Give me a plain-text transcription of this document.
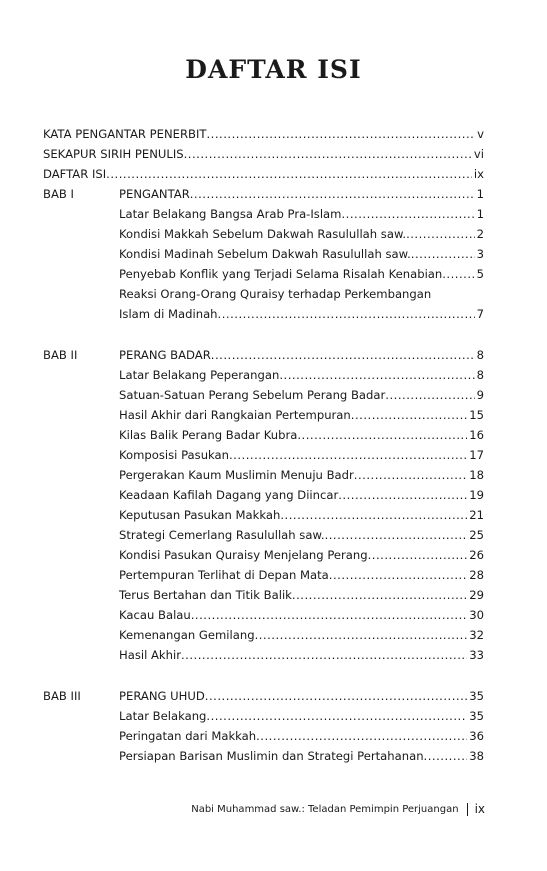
DAFTAR ISI
KATA PENGANTAR PENERBIT .....	v
SEKAPUR SIRIH PENULIS .....	vi
DAFTAR ISI .....	ix
BAB I	PENGANTAR .....	1
Latar Belakang Bangsa Arab Pra-Islam .....	1
Kondisi Makkah Sebelum Dakwah Rasulullah saw. .....	2
Kondisi Madinah Sebelum Dakwah Rasulullah saw. .....	3
Penyebab Konflik yang Terjadi Selama Risalah Kenabian .....	5
Reaksi Orang-Orang Quraisy terhadap Perkembangan
Islam di Madinah .....	7
BAB II	PERANG BADAR .....	8
Latar Belakang Peperangan .....	8
Satuan-Satuan Perang Sebelum Perang Badar .....	9
Hasil Akhir dari Rangkaian Pertempuran .....	15
Kilas Balik Perang Badar Kubra .....	16
Komposisi Pasukan .....	17
Pergerakan Kaum Muslimin Menuju Badr .....	18
Keadaan Kafilah Dagang yang Diincar .....	19
Keputusan Pasukan Makkah .....	21
Strategi Cemerlang Rasulullah saw. .....	25
Kondisi Pasukan Quraisy Menjelang Perang .....	26
Pertempuran Terlihat di Depan Mata .....	28
Terus Bertahan dan Titik Balik .....	29
Kacau Balau .....	30
Kemenangan Gemilang .....	32
Hasil Akhir .....	33
BAB III	PERANG UHUD .....	35
Latar Belakang .....	35
Peringatan dari Makkah .....	36
Persiapan Barisan Muslimin dan Strategi Pertahanan .....	38
Nabi Muhammad saw.: Teladan Pemimpin Perjuangan ix
